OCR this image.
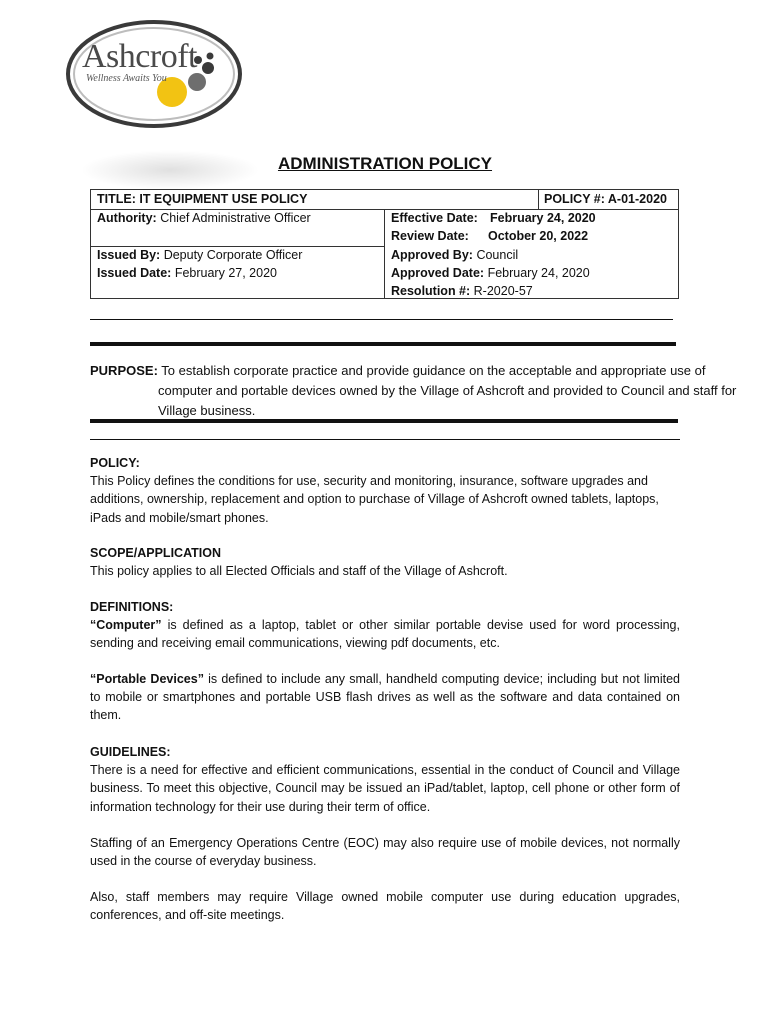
Ashcroft
Wellness Awaits You
ADMINISTRATION POLICY
TITLE: IT EQUIPMENT USE POLICY	POLICY #: A-01-2020
Authority: Chief Administrative Officer	Effective Date: February 24, 2020
Review Date: October 20, 2022
Issued By: Deputy Corporate Officer
Issued Date: February 27, 2020
Approved By: Council
Approved Date: February 24, 2020
Resolution #: R-2020-57
PURPOSE: To establish corporate practice and provide guidance on the acceptable and appropriate use of computer and portable devices owned by the Village of Ashcroft and provided to Council and staff for Village business.
POLICY:
This Policy defines the conditions for use, security and monitoring, insurance, software upgrades and additions, ownership, replacement and option to purchase of Village of Ashcroft owned tablets, laptops, iPads and mobile/smart phones.
SCOPE/APPLICATION
This policy applies to all Elected Officials and staff of the Village of Ashcroft.
DEFINITIONS:
“Computer” is defined as a laptop, tablet or other similar portable devise used for word processing, sending and receiving email communications, viewing pdf documents, etc.
“Portable Devices” is defined to include any small, handheld computing device; including but not limited to mobile or smartphones and portable USB flash drives as well as the software and data contained on them.
GUIDELINES:
There is a need for effective and efficient communications, essential in the conduct of Council and Village business. To meet this objective, Council may be issued an iPad/tablet, laptop, cell phone or other form of information technology for their use during their term of office.
Staffing of an Emergency Operations Centre (EOC) may also require use of mobile devices, not normally used in the course of everyday business.
Also, staff members may require Village owned mobile computer use during education upgrades, conferences, and off-site meetings.
